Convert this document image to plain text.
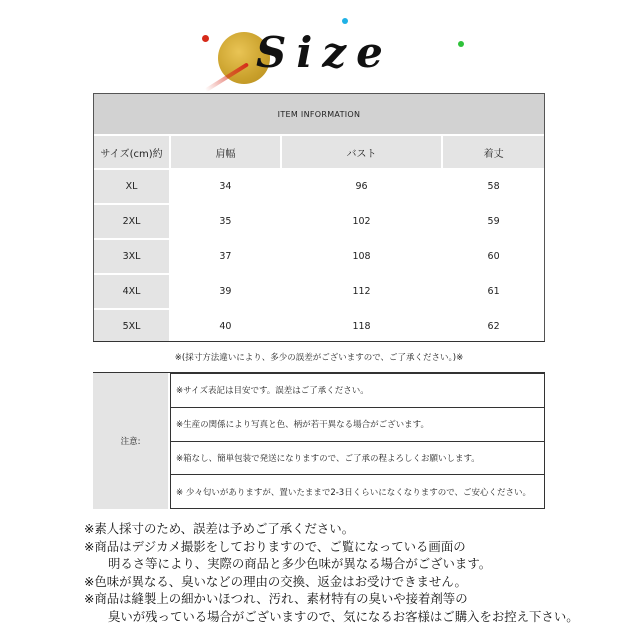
Size
ITEM INFORMATION			
サイズ(cm)約	肩幅	バスト	着丈
XL	34	96	58
2XL	35	102	59
3XL	37	108	60
4XL	39	112	61
5XL	40	118	62
※(採寸方法違いにより、多少の誤差がございますので、ご了承ください。)※
注意:
※サイズ表記は目安です。誤差はご了承ください。
※生産の関係により写真と色、柄が若干異なる場合がございます。
※箱なし、簡単包装で発送になりますので、ご了承の程よろしくお願いします。
※ 少々匂いがありますが、置いたままで2-3日くらいになくなりますので、ご安心ください。

※素人採寸のため、誤差は予めご了承ください。

※商品はデジカメ撮影をしておりますので、ご覧になっている画面の

明るさ等により、実際の商品と多少色味が異なる場合がございます。

※色味が異なる、臭いなどの理由の交換、返金はお受けできません。

※商品は縫製上の細かいほつれ、汚れ、素材特有の臭いや接着剤等の

臭いが残っている場合がございますので、気になるお客様はご購入をお控え下さい。
